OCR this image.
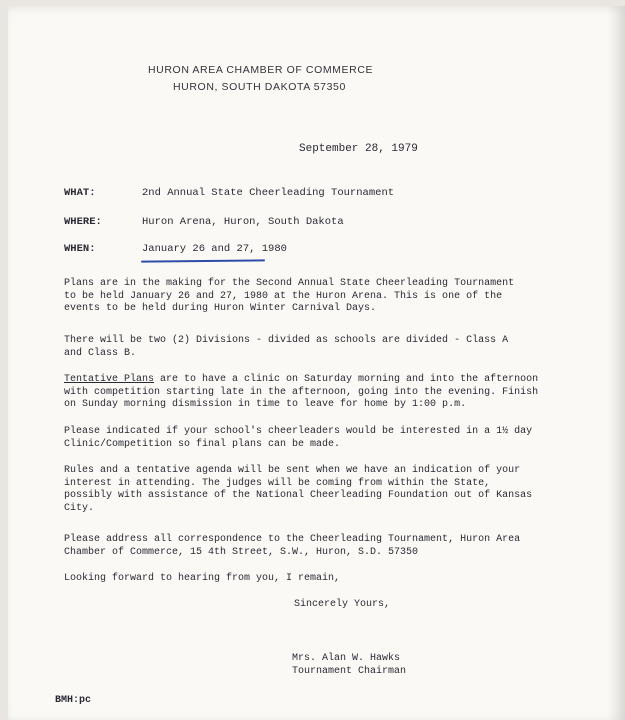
HURON AREA CHAMBER OF COMMERCE
HURON, SOUTH DAKOTA 57350
September 28, 1979
WHAT:	2nd Annual State Cheerleading Tournament
WHERE:	Huron Arena, Huron, South Dakota
WHEN:	January 26 and 27, 1980
Plans are in the making for the Second Annual State Cheerleading Tournament
to be held January 26 and 27, 1980 at the Huron Arena. This is one of the
events to be held during Huron Winter Carnival Days.
There will be two (2) Divisions - divided as schools are divided - Class A
and Class B.
Tentative Plans are to have a clinic on Saturday morning and into the afternoon
with competition starting late in the afternoon, going into the evening. Finish
on Sunday morning dismission in time to leave for home by 1:00 p.m.
Please indicated if your school's cheerleaders would be interested in a 1½ day
Clinic/Competition so final plans can be made.
Rules and a tentative agenda will be sent when we have an indication of your
interest in attending. The judges will be coming from within the State,
possibly with assistance of the National Cheerleading Foundation out of Kansas
City.
Please address all correspondence to the Cheerleading Tournament, Huron Area
Chamber of Commerce, 15 4th Street, S.W., Huron, S.D. 57350
Looking forward to hearing from you, I remain,
Sincerely Yours,
Mrs. Alan W. Hawks
Tournament Chairman
BMH:pc
